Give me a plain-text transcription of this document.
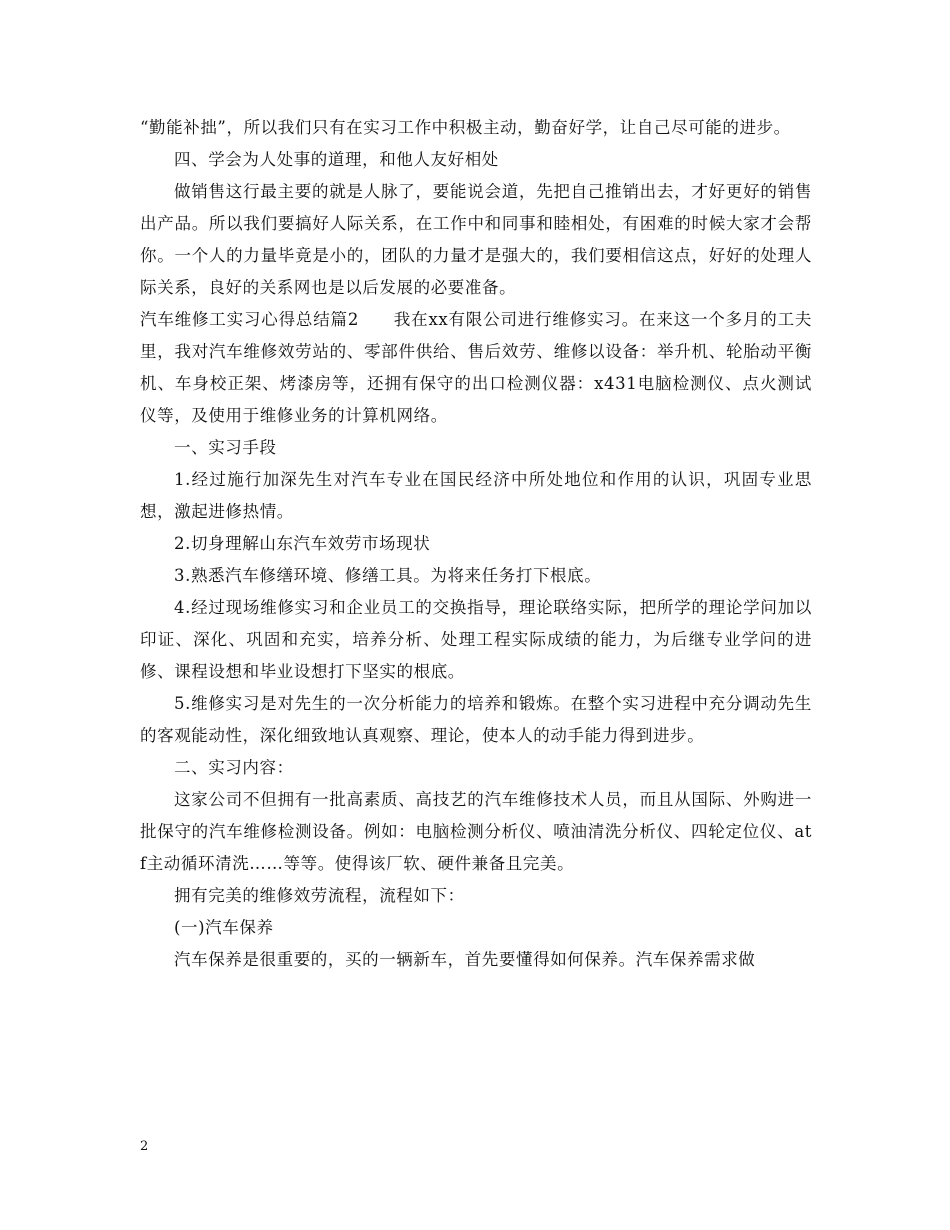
“勤能补拙”，所以我们只有在实习工作中积极主动，勤奋好学，让自己尽可能的进步。

四、学会为人处事的道理，和他人友好相处

做销售这行最主要的就是人脉了，要能说会道，先把自己推销出去，才好更好的销售出产品。所以我们要搞好人际关系，在工作中和同事和睦相处，有困难的时候大家才会帮你。一个人的力量毕竟是小的，团队的力量才是强大的，我们要相信这点，好好的处理人际关系，良好的关系网也是以后发展的必要准备。

汽车维修工实习心得总结篇2　　我在xx有限公司进行维修实习。在来这一个多月的工夫里，我对汽车维修效劳站的、零部件供给、售后效劳、维修以设备：举升机、轮胎动平衡机、车身校正架、烤漆房等，还拥有保守的出口检测仪器：x431电脑检测仪、点火测试仪等，及使用于维修业务的计算机网络。

一、实习手段

1.经过施行加深先生对汽车专业在国民经济中所处地位和作用的认识，巩固专业思想，激起进修热情。

2.切身理解山东汽车效劳市场现状

3.熟悉汽车修缮环境、修缮工具。为将来任务打下根底。

4.经过现场维修实习和企业员工的交换指导，理论联络实际，把所学的理论学问加以印证、深化、巩固和充实，培养分析、处理工程实际成绩的能力，为后继专业学问的进修、课程设想和毕业设想打下坚实的根底。

5.维修实习是对先生的一次分析能力的培养和锻炼。在整个实习进程中充分调动先生的客观能动性，深化细致地认真观察、理论，使本人的动手能力得到进步。

二、实习内容：

这家公司不但拥有一批高素质、高技艺的汽车维修技术人员，而且从国际、外购进一批保守的汽车维修检测设备。例如：电脑检测分析仪、喷油清洗分析仪、四轮定位仪、atf主动循环清洗……等等。使得该厂软、硬件兼备且完美。

拥有完美的维修效劳流程，流程如下：

(一)汽车保养

汽车保养是很重要的，买的一辆新车，首先要懂得如何保养。汽车保养需求做

2
